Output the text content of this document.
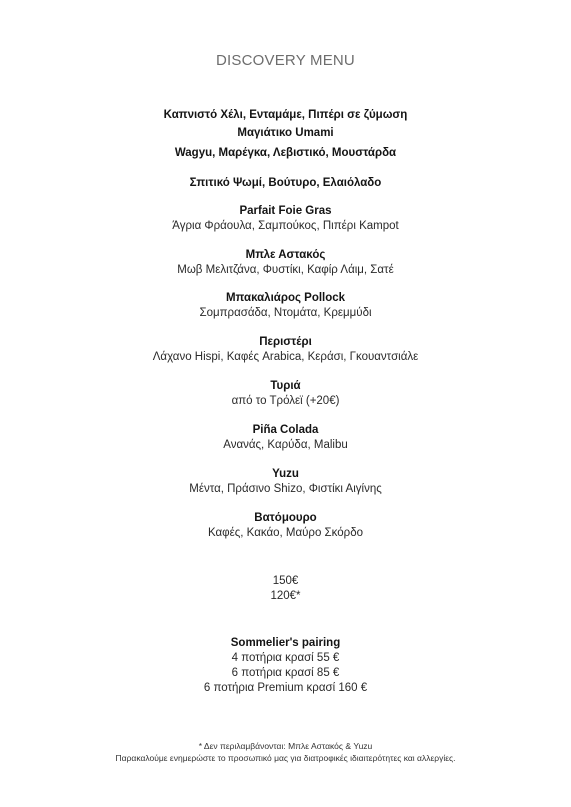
DISCOVERY MENU
Καπνιστό Χέλι, Ενταμάμε, Πιπέρι σε ζύμωση
Μαγιάτικο Umami
Wagyu, Μαρέγκα, Λεβιστικό, Μουστάρδα
Σπιτικό Ψωμί, Βούτυρο, Ελαιόλαδο
Parfait Foie Gras
Άγρια Φράουλα, Σαμπούκος, Πιπέρι Kampot
Μπλε Αστακός
Μωβ Μελιτζάνα, Φυστίκι, Καφίρ Λάιμ, Σατέ
Μπακαλιάρος Pollock
Σομπρασάδα, Ντομάτα, Κρεμμύδι
Περιστέρι
Λάχανο Hispi, Καφές Arabica, Κεράσι, Γκουαντσιάλε
Τυριά
από το Τρόλεϊ (+20€)
Piña Colada
Ανανάς, Καρύδα, Malibu
Yuzu
Μέντα, Πράσινο Shizo, Φιστίκι Αιγίνης
Βατόμουρο
Καφές, Κακάο, Μαύρο Σκόρδο
150€
120€*
Sommelier's pairing
4 ποτήρια κρασί 55 €
6 ποτήρια κρασί 85 €
6 ποτήρια Premium κρασί 160 €
* Δεν περιλαμβάνονται: Μπλε Αστακός & Yuzu
Παρακαλούμε ενημερώστε το προσωπικό μας για διατροφικές ιδιαιτερότητες και αλλεργίες.
